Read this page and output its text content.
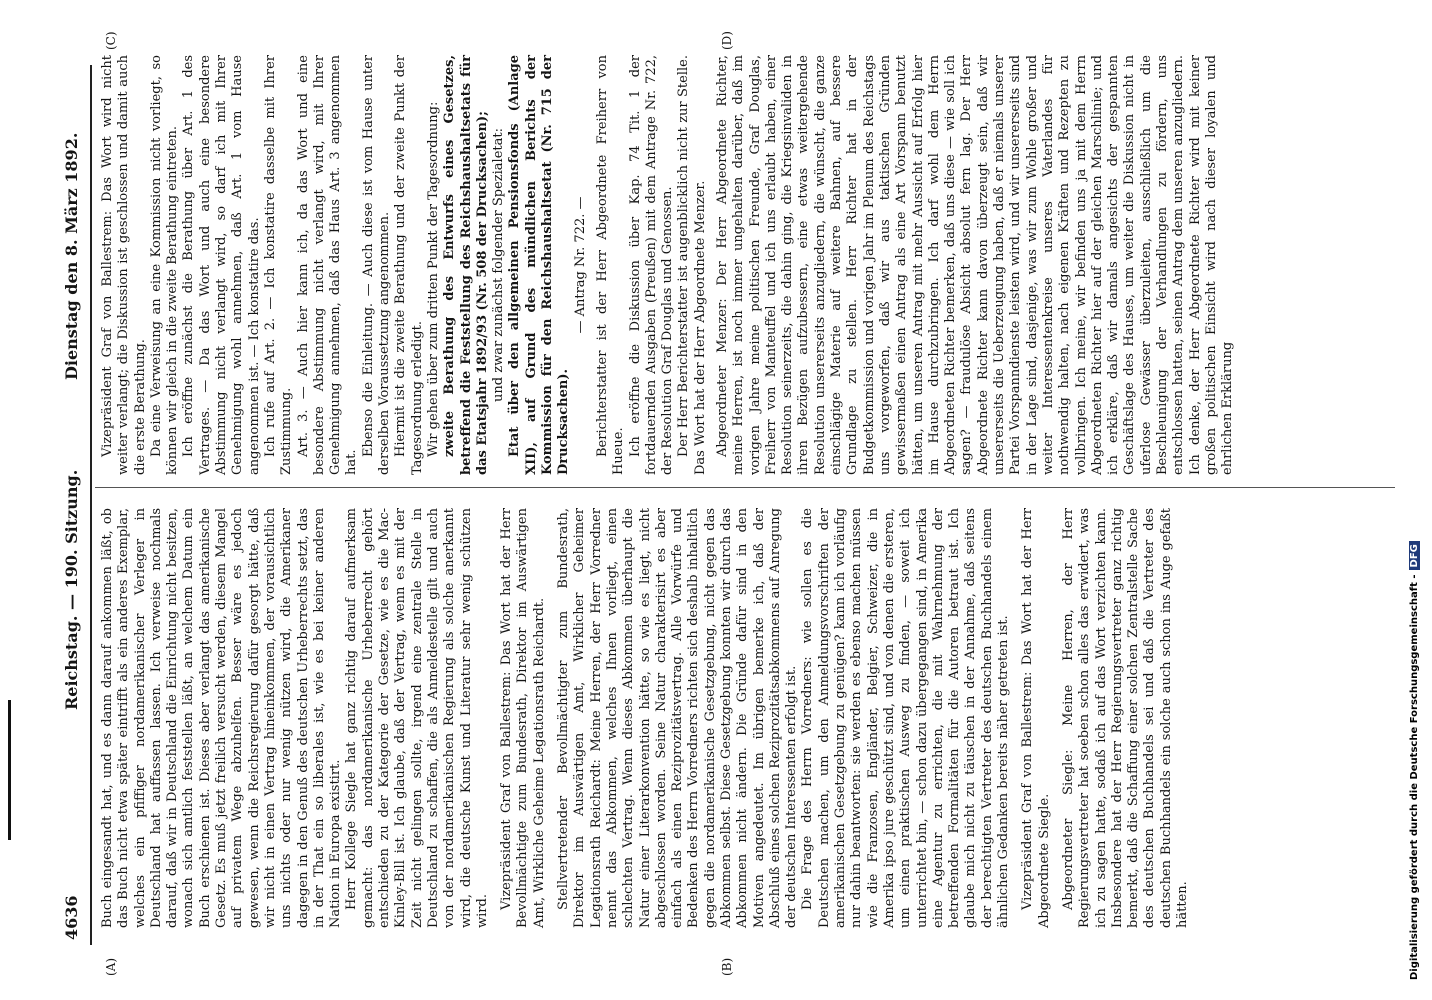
4636
Reichstag. — 190. Sitzung.
Dienstag den 8. März 1892.
(A)	(B)
(C)	(D)

Buch eingesandt hat, und es dann darauf ankommen läßt, ob das Buch nicht etwa später eintrifft als ein anderes Exemplar, welches ein pfiffiger nordamerikanischer Verleger in Deutschland hat auffassen lassen. Ich verweise nochmals darauf, daß wir in Deutschland die Einrichtung nicht besitzen, wonach sich amtlich feststellen läßt, an welchem Datum ein Buch erschienen ist. Dieses aber verlangt das amerikanische Gesetz. Es muß jetzt freilich versucht werden, diesem Mangel auf privatem Wege abzuhelfen. Besser wäre es jedoch gewesen, wenn die Reichsregierung dafür gesorgt hätte, daß wir nicht in einen Vertrag hineinkommen, der vorausichtlich uns nichts oder nur wenig nützen wird, die Amerikaner dagegen in den Genuß des deutschen Urheberrechts setzt, das in der That ein so liberales ist, wie es bei keiner anderen Nation in Europa existirt. Herr Kollege Siegle hat ganz richtig darauf aufmerksam gemacht: das nordamerikanische Urheberrecht gehört entschieden zu der Kategorie der Gesetze, wie es die Mac-Kinley-Bill ist. Ich glaube, daß der Vertrag, wenn es mit der Zeit nicht gelingen sollte, irgend eine zentrale Stelle in Deutschland zu schaffen, die als Anmeldestelle gilt und auch von der nordamerikanischen Regierung als solche anerkannt wird, die deutsche Kunst und Literatur sehr wenig schützen wird.

Vizepräsident Graf von Ballestrem: Das Wort hat der Herr Bevollmächtigte zum Bundesrath, Direktor im Auswärtigen Amt, Wirkliche Geheime Legationsrath Reichardt. Stellvertretender Bevollmächtigter zum Bundesrath, Direktor im Auswärtigen Amt, Wirklicher Geheimer Legationsrath Reichardt: Meine Herren, der Herr Vorredner nennt das Abkommen, welches Ihnen vorliegt, einen schlechten Vertrag. Wenn dieses Abkommen überhaupt die Natur einer Literarkonvention hätte, so wie es liegt, nicht abgeschlossen worden. Seine Natur charakterisirt es aber einfach als einen Reziprozitätsvertrag. Alle Vorwürfe und Bedenken des Herrn Vorredners richten sich deshalb inhaltlich gegen die nordamerikanische Gesetzgebung, nicht gegen das Abkommen selbst. Diese Gesetzgebung konnten wir durch das Abkommen nicht ändern. Die Gründe dafür sind in den Motiven angedeutet. Im übrigen bemerke ich, daß der Abschluß eines solchen Reziprozitätsabkommens auf Anregung der deutschen Interessenten erfolgt ist. Die Frage des Herrn Vorredners: wie sollen es die Deutschen machen, um den Anmeldungsvorschriften der amerikanischen Gesetzgebung zu genügen? kann ich vorläufig nur dahin beantworten: sie werden es ebenso machen müssen wie die Franzosen, Engländer, Belgier, Schweizer, die in Amerika ipso jure geschützt sind, und von denen die ersteren, um einen praktischen Ausweg zu finden, — soweit ich unterrichtet bin, — schon dazu übergegangen sind, in Amerika eine Agentur zu errichten, die mit Wahrnehmung der betreffenden Formalitäten für die Autoren betraut ist. Ich glaube mich nicht zu täuschen in der Annahme, daß seitens der berechtigten Vertreter des deutschen Buchhandels einem ähnlichen Gedanken bereits näher getreten ist. Vizepräsident Graf von Ballestrem: Das Wort hat der Herr Abgeordnete Siegle. Abgeordneter Siegle: Meine Herren, der Herr Regierungsvertreter hat soeben schon alles das erwidert, was ich zu sagen hatte, sodaß ich auf das Wort verzichten kann. Insbesondere hat der Herr Regierungsvertreter ganz richtig bemerkt, daß die Schaffung einer solchen Zentralstelle Sache des deutschen Buchhandels sei und daß die Vertreter des deutschen Buchhandels ein solche auch schon ins Auge gefaßt hätten.

Vizepräsident Graf von Ballestrem: Das Wort wird nicht weiter verlangt; die Diskussion ist geschlossen und damit auch die erste Berathung. Da eine Verweisung an eine Kommission nicht vorliegt, so können wir gleich in die zweite Berathung eintreten. Ich eröffne zunächst die Berathung über Art. 1 des Vertrages. — Da das Wort und auch eine besondere Abstimmung nicht verlangt wird, so darf ich mit Ihrer Genehmigung wohl annehmen, daß Art. 1 vom Hause angenommen ist. — Ich konstatire das. Ich rufe auf Art. 2. — Ich konstatire dasselbe mit Ihrer Zustimmung. Art. 3. — Auch hier kann ich, da das Wort und eine besondere Abstimmung nicht verlangt wird, mit Ihrer Genehmigung annehmen, daß das Haus Art. 3 angenommen hat.

Ebenso die Einleitung. — Auch diese ist vom Hause unter derselben Voraussetzung angenommen. Hiermit ist die zweite Berathung und der zweite Punkt der Tagesordnung erledigt. Wir gehen über zum dritten Punkt der Tagesordnung: zweite Berathung des Entwurfs eines Gesetzes, betreffend die Feststellung des Reichshaushaltsetats für das Etatsjahr 1892/93 (Nr. 508 der Drucksachen); und zwar zunächst folgender Spezialetat: Etat über den allgemeinen Pensionsfonds (Anlage XII), auf Grund des mündlichen Berichts der Kommission für den Reichshaushaltsetat (Nr. 715 der Drucksachen).

— Antrag Nr. 722. — Berichterstatter ist der Herr Abgeordnete Freiherr von Hueue. Ich eröffne die Diskussion über Kap. 74 Tit. 1 der fortdauernden Ausgaben (Preußen) mit dem Antrage Nr. 722, der Resolution Graf Douglas und Genossen. Der Herr Berichterstatter ist augenblicklich nicht zur Stelle. Das Wort hat der Herr Abgeordnete Menzer. Abgeordneter Menzer: Der Herr Abgeordnete Richter, meine Herren, ist noch immer ungehalten darüber, daß im vorigen Jahre meine politischen Freunde, Graf Douglas, Freiherr von Manteuffel und ich uns erlaubt haben, einer Resolution seinerzeits, die dahin ging, die Kriegsinvaliden in ihren Bezügen aufzubessern, eine etwas weitergehende Resolution unsererseits anzugliedern, die wünscht, die ganze einschlägige Materie auf weitere Bahnen, auf bessere Grundlage zu stellen. Herr Richter hat in der Budgetkommission und vorigen Jahr im Plenum des Reichstags uns vorgeworfen, daß wir aus taktischen Gründen gewissermaßen einen Antrag als eine Art Vorspann benutzt hätten, um unseren Antrag mit mehr Aussicht auf Erfolg hier im Hause durchzubringen. Ich darf wohl dem Herrn Abgeordneten Richter bemerken, daß uns diese — wie soll ich sagen? — fraudulöse Absicht absolut fern lag. Der Herr Abgeordnete Richter kann davon überzeugt sein, daß wir unsererseits die Ueberzeugung haben, daß er niemals unserer Partei Vorspanndienste leisten wird, und wir unsererseits sind in der Lage sind, dasjenige, was wir zum Wohle großer und weiter Interessentenkreise unseres Vaterlandes für nothwendig halten, nach eigenen Kräften und Rezepten zu vollbringen. Ich meine, wir befinden uns ja mit dem Herrn Abgeordneten Richter hier auf der gleichen Marschlinie; und ich erkläre, daß wir damals angesichts der gespannten Geschäftslage des Hauses, um weiter die Diskussion nicht in uferlose Gewässer überzuleiten, ausschließlich um die Beschleunigung der Verhandlungen zu fördern, uns entschlossen hatten, seinen Antrag dem unseren anzugliedern. Ich denke, der Herr Abgeordnete Richter wird mit keiner großen politischen Einsicht wird nach dieser loyalen und ehrlichen Erklärung

Digitalisierung gefördert durch die Deutsche Forschungsgemeinschaft -DFG
